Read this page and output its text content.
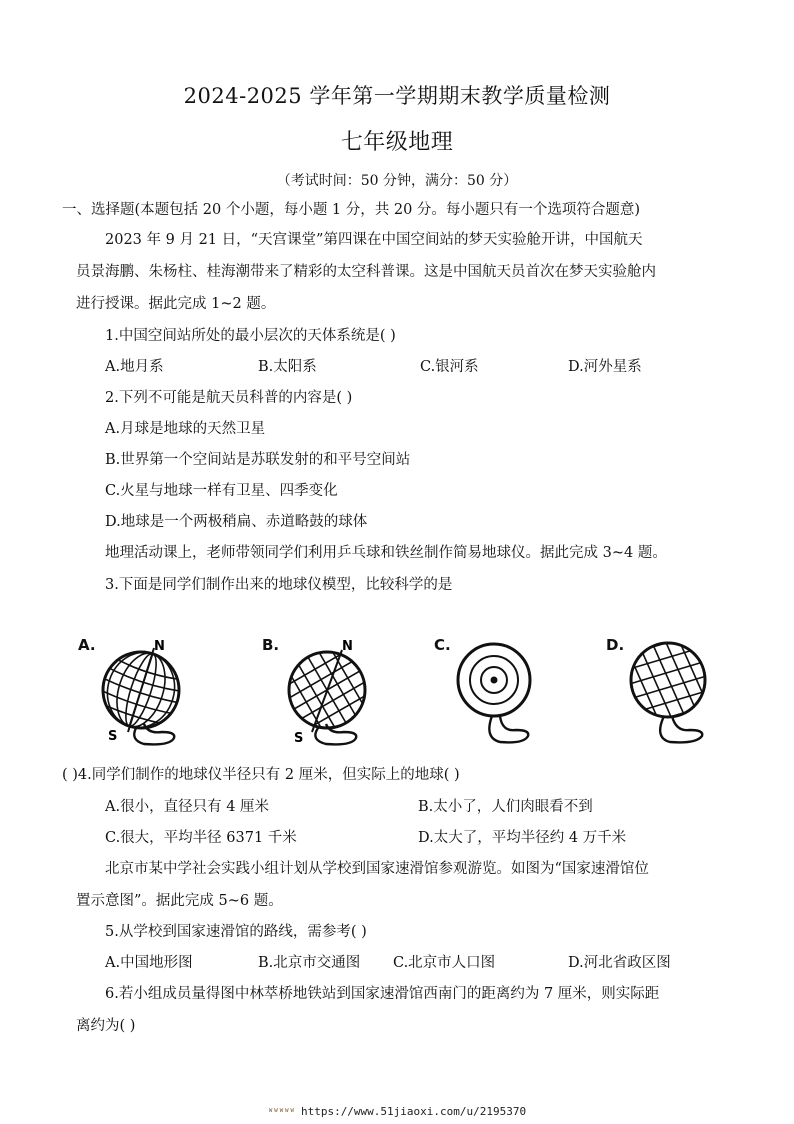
2024-2025 学年第一学期期末教学质量检测
七年级地理
（考试时间：50 分钟，满分：50 分）
一、选择题(本题包括 20 个小题，每小题 1 分，共 20 分。每小题只有一个选项符合题意)
2023 年 9 月 21 日，“天宫课堂”第四课在中国空间站的梦天实验舱开讲，中国航天
员景海鹏、朱杨柱、桂海潮带来了精彩的太空科普课。这是中国航天员首次在梦天实验舱内
进行授课。据此完成 1~2 题。
1.中国空间站所处的最小层次的天体系统是( )
A.地月系	B.太阳系	C.银河系	D.河外星系
2.下列不可能是航天员科普的内容是( )
A.月球是地球的天然卫星
B.世界第一个空间站是苏联发射的和平号空间站
C.火星与地球一样有卫星、四季变化
D.地球是一个两极稍扁、赤道略鼓的球体
地理活动课上，老师带领同学们利用乒乓球和铁丝制作简易地球仪。据此完成 3~4 题。
3.下面是同学们制作出来的地球仪模型，比较科学的是
A.	N
S
B.	N
S
C.	D.
( )4.同学们制作的地球仪半径只有 2 厘米，但实际上的地球( )
A.很小，直径只有 4 厘米	B.太小了，人们肉眼看不到
C.很大，平均半径 6371 千米	D.太大了，平均半径约 4 万千米
北京市某中学社会实践小组计划从学校到国家速滑馆参观游览。如图为“国家速滑馆位
置示意图”。据此完成 5~6 题。
5.从学校到国家速滑馆的路线，需参考( )
A.中国地形图	B.北京市交通图 C.北京市人口图	D.河北省政区图
6.若小组成员量得图中林萃桥地铁站到国家速滑馆西南门的距离约为 7 厘米，则实际距
离约为( )
ᵂᵂᵂᵂᵂ https://www.51jiaoxi.com/u/2195370
